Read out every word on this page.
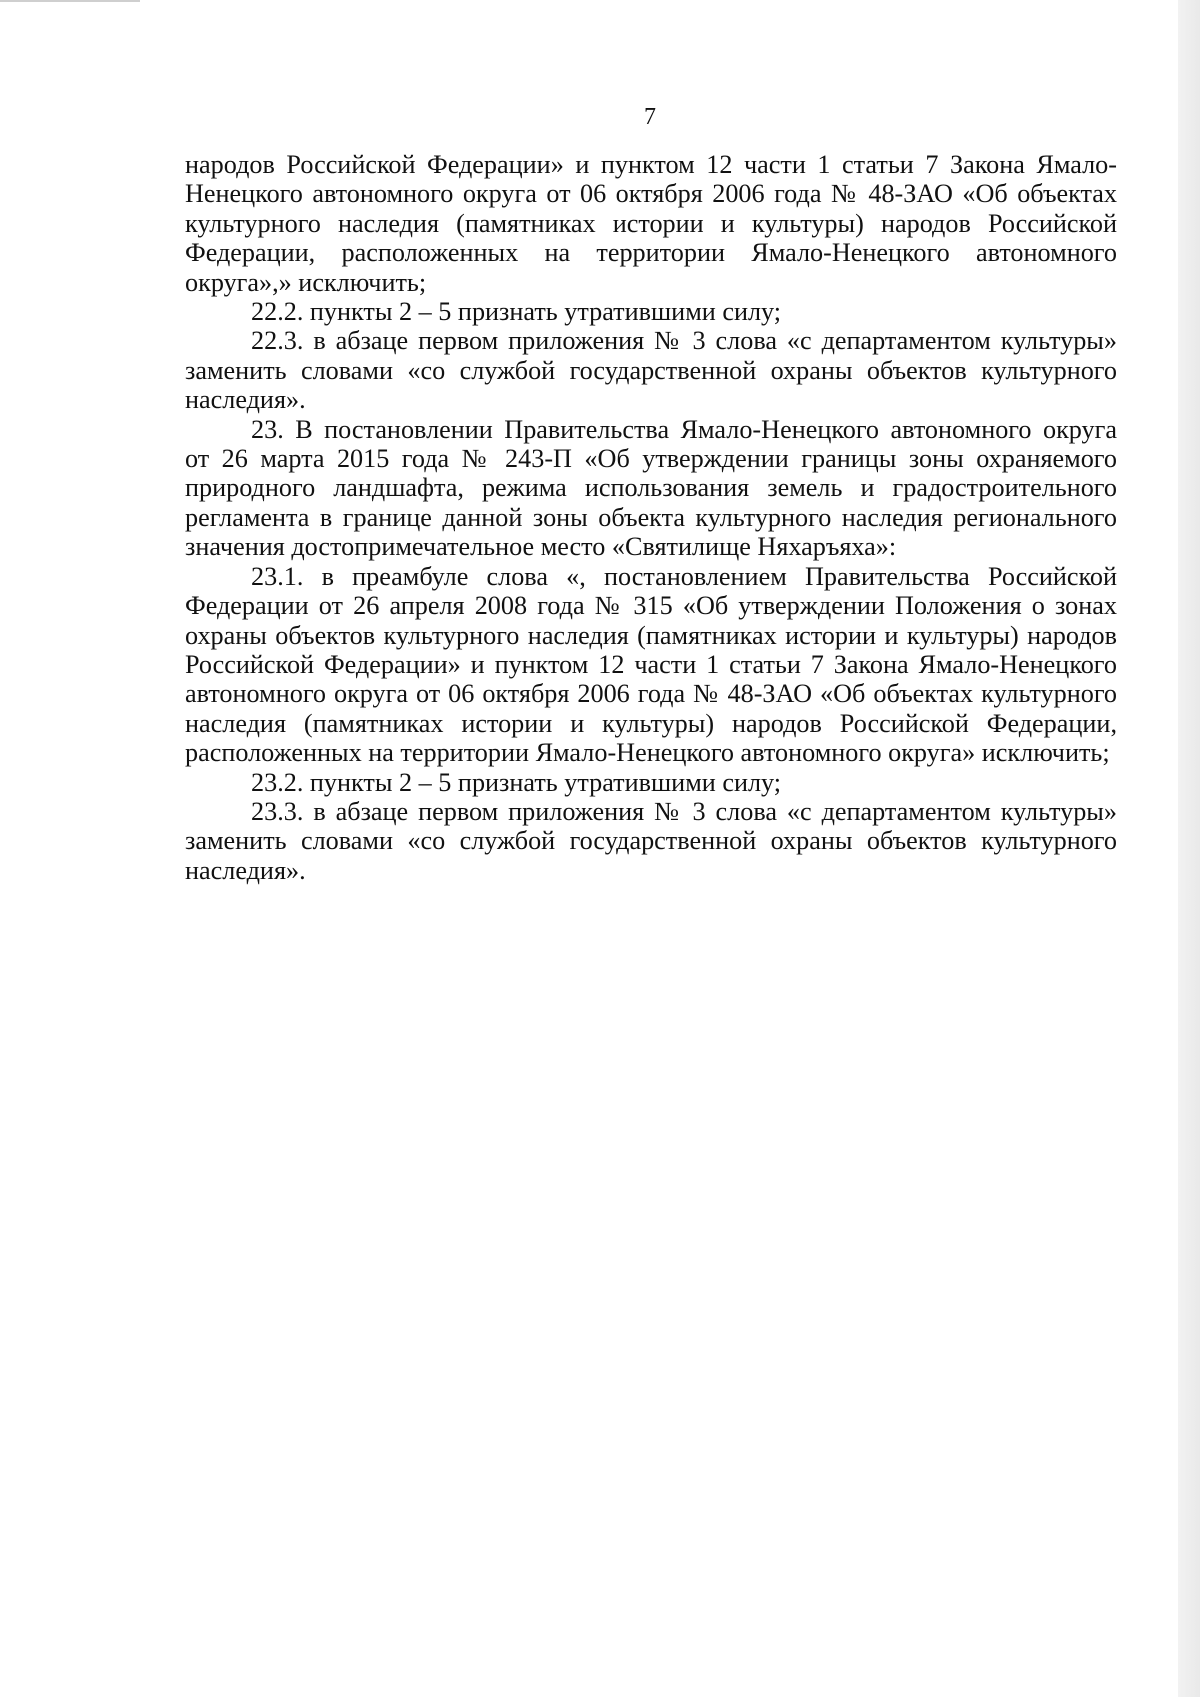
7

народов Российской Федерации» и пунктом 12 части 1 статьи 7 Закона Ямало-Ненецкого автономного округа от 06 октября 2006 года № 48-ЗАО «Об объектах культурного наследия (памятниках истории и культуры) народов Российской Федерации, расположенных на территории Ямало-Ненецкого автономного округа»,» исключить;

22.2. пункты 2 – 5 признать утратившими силу;

22.3. в абзаце первом приложения № 3 слова «с департаментом культуры» заменить словами «со службой государственной охраны объектов культурного наследия».

23. В постановлении Правительства Ямало-Ненецкого автономного округа от 26 марта 2015 года № 243-П «Об утверждении границы зоны охраняемого природного ландшафта, режима использования земель и градостроительного регламента в границе данной зоны объекта культурного наследия регионального значения достопримечательное место «Святилище Няхаръяха»:

23.1. в преамбуле слова «, постановлением Правительства Российской Федерации от 26 апреля 2008 года № 315 «Об утверждении Положения о зонах охраны объектов культурного наследия (памятниках истории и культуры) народов Российской Федерации» и пунктом 12 части 1 статьи 7 Закона Ямало-Ненецкого автономного округа от 06 октября 2006 года № 48-ЗАО «Об объектах культурного наследия (памятниках истории и культуры) народов Российской Федерации, расположенных на территории Ямало-Ненецкого автономного округа» исключить;

23.2. пункты 2 – 5 признать утратившими силу;

23.3. в абзаце первом приложения № 3 слова «с департаментом культуры» заменить словами «со службой государственной охраны объектов культурного наследия».
